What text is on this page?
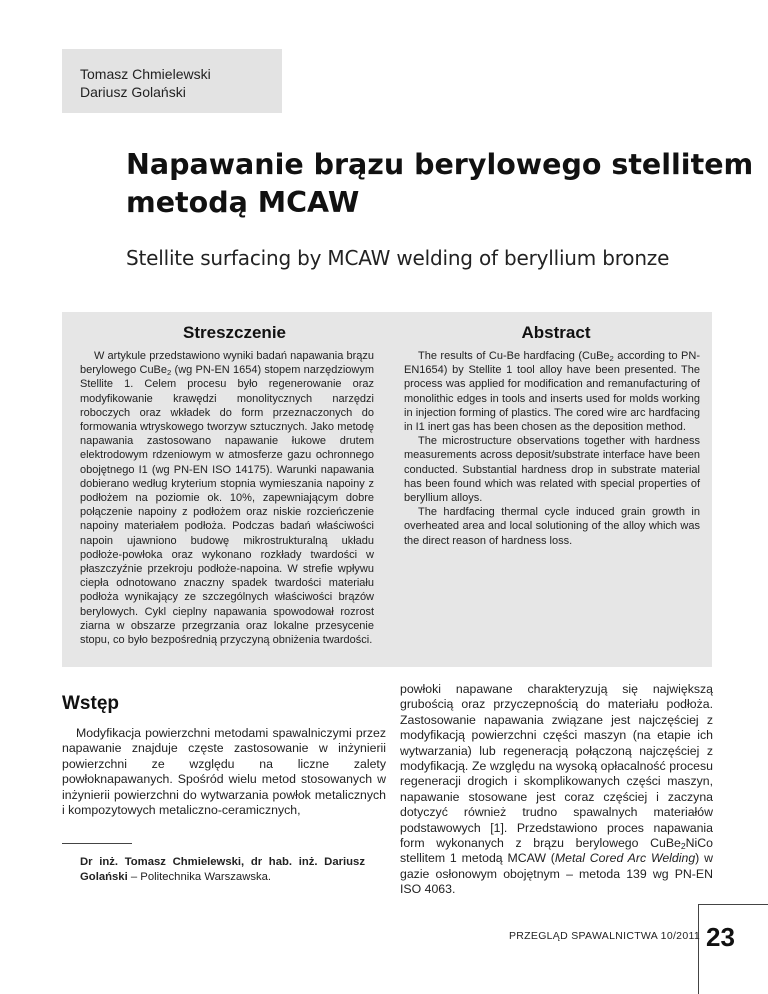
Tomasz Chmielewski
Dariusz Golański
Napawanie brązu berylowego stellitem
metodą MCAW
Stellite surfacing by MCAW welding of beryllium bronze
Streszczenie	Abstract

W artykule przedstawiono wyniki badań napawania brązu berylowego CuBe$_2$ (wg PN-EN 1654) stopem narzędziowym Stellite 1. Celem procesu było regenerowanie oraz modyfikowanie krawędzi monolitycznych narzędzi roboczych oraz wkładek do form przeznaczonych do formowania wtryskowego tworzyw sztucznych. Jako metodę napawania zastosowano napawanie łukowe drutem elektrodowym rdzeniowym w atmosferze gazu ochronnego obojętnego I1 (wg PN-EN ISO 14175). Warunki napawania dobierano według kryterium stopnia wymieszania napoiny z podłożem na poziomie ok. 10%, zapewniającym dobre połączenie napoiny z podłożem oraz niskie rozcieńczenie napoiny materiałem podłoża. Podczas badań właściwości napoin ujawniono budowę mikrostrukturalną układu podłoże-powłoka oraz wykonano rozkłady twardości w płaszczyźnie przekroju podłoże-napoina. W strefie wpływu ciepła odnotowano znaczny spadek twardości materiału podłoża wynikający ze szczególnych właściwości brązów berylowych. Cykl cieplny napawania spowodował rozrost ziarna w obszarze przegrzania oraz lokalne przesycenie stopu, co było bezpośrednią przyczyną obniżenia twardości.

The results of Cu-Be hardfacing (CuBe$_2$ according to PN-EN1654) by Stellite 1 tool alloy have been presented. The process was applied for modification and remanufacturing of monolithic edges in tools and inserts used for molds working in injection forming of plastics. The cored wire arc hardfacing in I1 inert gas has been chosen as the deposition method.

The microstructure observations together with hardness measurements across deposit/substrate interface have been conducted. Substantial hardness drop in substrate material has been found which was related with special properties of beryllium alloys.

The hardfacing thermal cycle induced grain growth in overheated area and local solutioning of the alloy which was the direct reason of hardness loss.

Wstęp

Modyfikacja powierzchni metodami spawalniczymi przez napawanie znajduje częste zastosowanie w inżynierii powierzchni ze względu na liczne zalety powłoknapawanych. Spośród wielu metod stosowanych w inżynierii powierzchni do wytwarzania powłok metalicznych i kompozytowych metaliczno-ceramicznych,

powłoki napawane charakteryzują się największą grubością oraz przyczepnością do materiału podłoża. Zastosowanie napawania związane jest najczęściej z modyfikacją powierzchni części maszyn (na etapie ich wytwarzania) lub regeneracją połączoną najczęściej z modyfikacją. Ze względu na wysoką opłacalność procesu regeneracji drogich i skomplikowanych części maszyn, napawanie stosowane jest coraz częściej i zaczyna dotyczyć również trudno spawalnych materiałów podstawowych [1]. Przedstawiono proces napawania form wykonanych z brązu berylowego CuBe$_2$NiCo stellitem 1 metodą MCAW (Metal Cored Arc Welding) w gazie osłonowym obojętnym – metoda 139 wg PN-EN ISO 4063.

Dr inż. Tomasz Chmielewski, dr hab. inż. Dariusz Golański – Politechnika Warszawska.
PRZEGLĄD SPAWALNICTWA 10/2011 23
